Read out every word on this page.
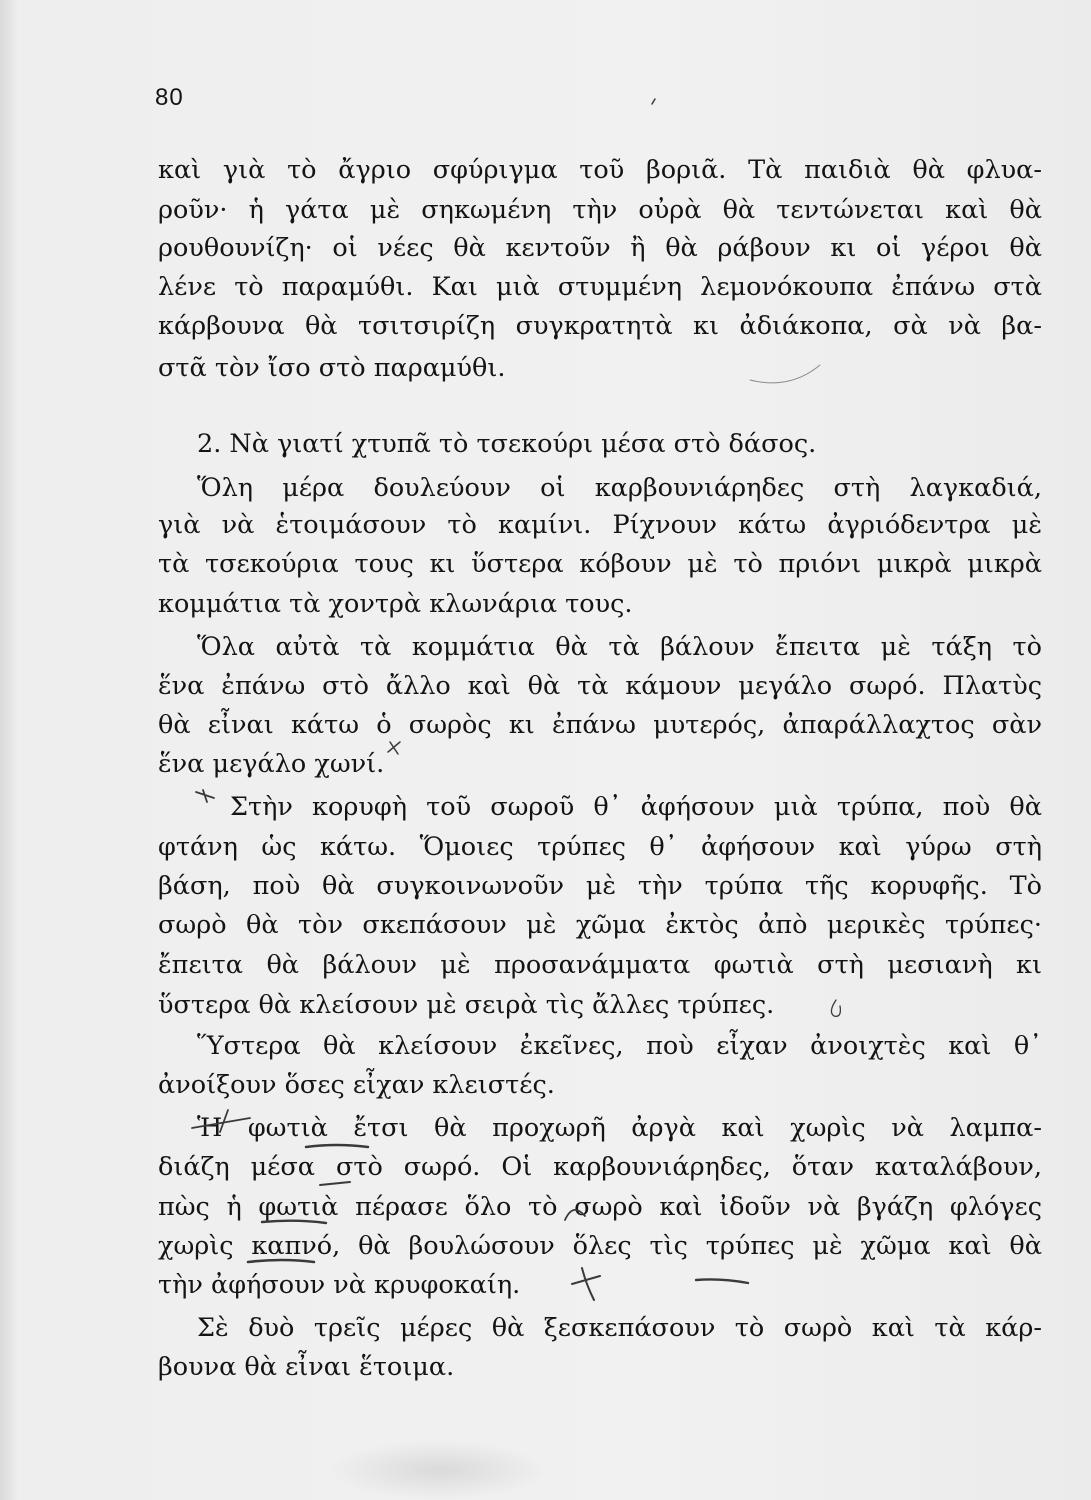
80
καὶ γιὰ τὸ ἄγριο σφύριγμα τοῦ βοριᾶ. Τὰ παιδιὰ θὰ φλυα-
ροῦν· ἡ γάτα μὲ σηκωμένη τὴν οὐρὰ θὰ τεντώνεται καὶ θὰ
ρουθουνίζη· οἱ νέες θὰ κεντοῦν ἢ θὰ ράβουν κι οἱ γέροι θὰ
λένε τὸ παραμύθι. Και μιὰ στυμμένη λεμονόκουπα ἐπάνω στὰ
κάρβουνα θὰ τσιτσιρίζη συγκρατητὰ κι ἀδιάκοπα, σὰ νὰ βα-
στᾶ τὸν ἴσο στὸ παραμύθι.
2. Νὰ γιατί χτυπᾶ τὸ τσεκούρι μέσα στὸ δάσος.
Ὅλη μέρα δουλεύουν οἱ καρβουνιάρηδες στὴ λαγκαδιά,
γιὰ νὰ ἑτοιμάσουν τὸ καμίνι. Ρίχνουν κάτω ἀγριόδεντρα μὲ
τὰ τσεκούρια τους κι ὕστερα κόβουν μὲ τὸ πριόνι μικρὰ μικρὰ
κομμάτια τὰ χοντρὰ κλωνάρια τους.
Ὅλα αὐτὰ τὰ κομμάτια θὰ τὰ βάλουν ἔπειτα μὲ τάξη τὸ
ἕνα ἐπάνω στὸ ἄλλο καὶ θὰ τὰ κάμουν μεγάλο σωρό. Πλατὺς
θὰ εἶναι κάτω ὁ σωρὸς κι ἐπάνω μυτερός, ἀπαράλλαχτος σὰν
ἕνα μεγάλο χωνί.
Στὴν κορυφὴ τοῦ σωροῦ θ᾽ ἀφήσουν μιὰ τρύπα, ποὺ θὰ
φτάνη ὡς κάτω. Ὅμοιες τρύπες θ᾽ ἀφήσουν καὶ γύρω στὴ
βάση, ποὺ θὰ συγκοινωνοῦν μὲ τὴν τρύπα τῆς κορυφῆς. Τὸ
σωρὸ θὰ τὸν σκεπάσουν μὲ χῶμα ἐκτὸς ἀπὸ μερικὲς τρύπες·
ἔπειτα θὰ βάλουν μὲ προσανάμματα φωτιὰ στὴ μεσιανὴ κι
ὕστερα θὰ κλείσουν μὲ σειρὰ τὶς ἄλλες τρύπες.
Ὕστερα θὰ κλείσουν ἐκεῖνες, ποὺ εἶχαν ἀνοιχτὲς καὶ θ᾽
ἀνοίξουν ὅσες εἶχαν κλειστές.
Ἡ φωτιὰ ἔτσι θὰ προχωρῆ ἀργὰ καὶ χωρὶς νὰ λαμπα-
διάζη μέσα στὸ σωρό. Οἱ καρβουνιάρηδες, ὅταν καταλάβουν,
πὼς ἡ φωτιὰ πέρασε ὅλο τὸ σωρὸ καὶ ἰδοῦν νὰ βγάζη φλόγες
χωρὶς καπνό, θὰ βουλώσουν ὅλες τὶς τρύπες μὲ χῶμα καὶ θὰ
τὴν ἀφήσουν νὰ κρυφοκαίη.
Σὲ δυὸ τρεῖς μέρες θὰ ξεσκεπάσουν τὸ σωρὸ καὶ τὰ κάρ-
βουνα θὰ εἶναι ἕτοιμα.
